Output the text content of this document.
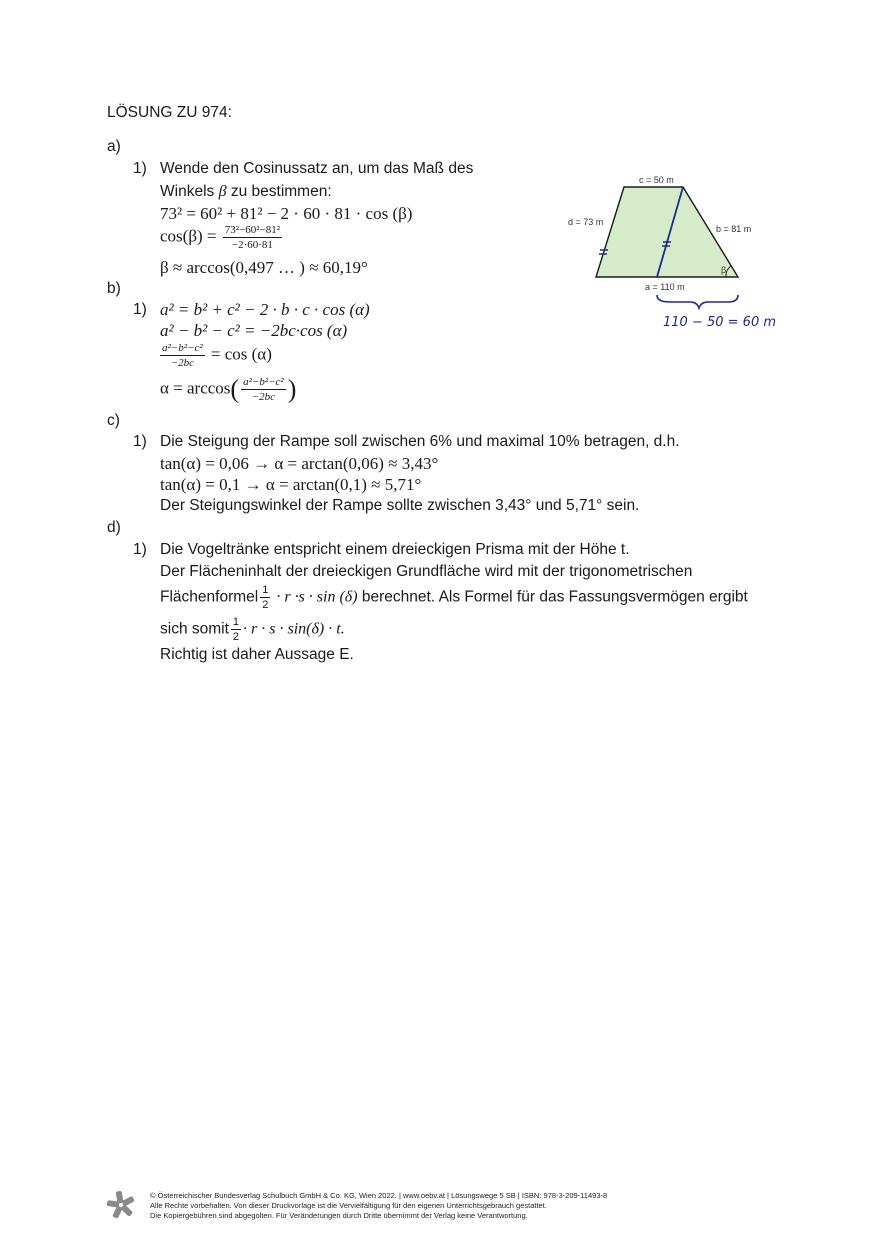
LÖSUNG ZU 974:
a)
1) Wende den Cosinussatz an, um das Maß des
Winkels β zu bestimmen:
73² = 60² + 81² − 2 · 60 · 81 · cos (β)
$\cos(\beta) = \frac{\text{73²−60²−81²}}{-2\cdot 60\cdot 81}$
β ≈ arccos(0,497 … ) ≈ 60,19°
b)
1) a² = b² + c² − 2 · b · c · cos (α)
a² − b² − c² = −2bc·cos (α)
$\frac{\text{a²−b²−c²}}{-2bc} = \cos (\alpha)$
$\alpha = \arccos( \frac{\text{a²−b²−c²}}{-2bc}$ )
c)
1) Die Steigung der Rampe soll zwischen 6% und maximal 10% betragen, d.h.
tan(α) = 0,06 → α = arctan(0,06) ≈ 3,43°
tan(α) = 0,1 → α = arctan(0,1) ≈ 5,71°
Der Steigungswinkel der Rampe sollte zwischen 3,43° und 5,71° sein.
d)
1) Die Vogeltränke entspricht einem dreieckigen Prisma mit der Höhe t.
Der Flächeninhalt der dreieckigen Grundfläche wird mit der trigonometrischen
Flächenformel $\frac{1}{2} \cdot r \cdot s \cdot \sin (\delta)$ berechnet. Als Formel für das Fassungsvermögen ergibt
sich somit $\frac{1}{2} \cdot r \cdot s \cdot \sin(\delta) \cdot t$.
Richtig ist daher Aussage E.
c = 50 m
d = 73 m
b = 81 m
a = 110 m
β
110 − 50 = 60 m
© Österreichischer Bundesverlag Schulbuch GmbH & Co. KG, Wien 2022. | www.oebv.at | Lösungswege 5 SB | ISBN: 978-3-209-11493-8
Alle Rechte vorbehalten. Von dieser Druckvorlage ist die Vervielfältigung für den eigenen Unterrichtsgebrauch gestattet.
Die Kopiergebühren sind abgegolten. Für Veränderungen durch Dritte übernimmt der Verlag keine Verantwortung.
